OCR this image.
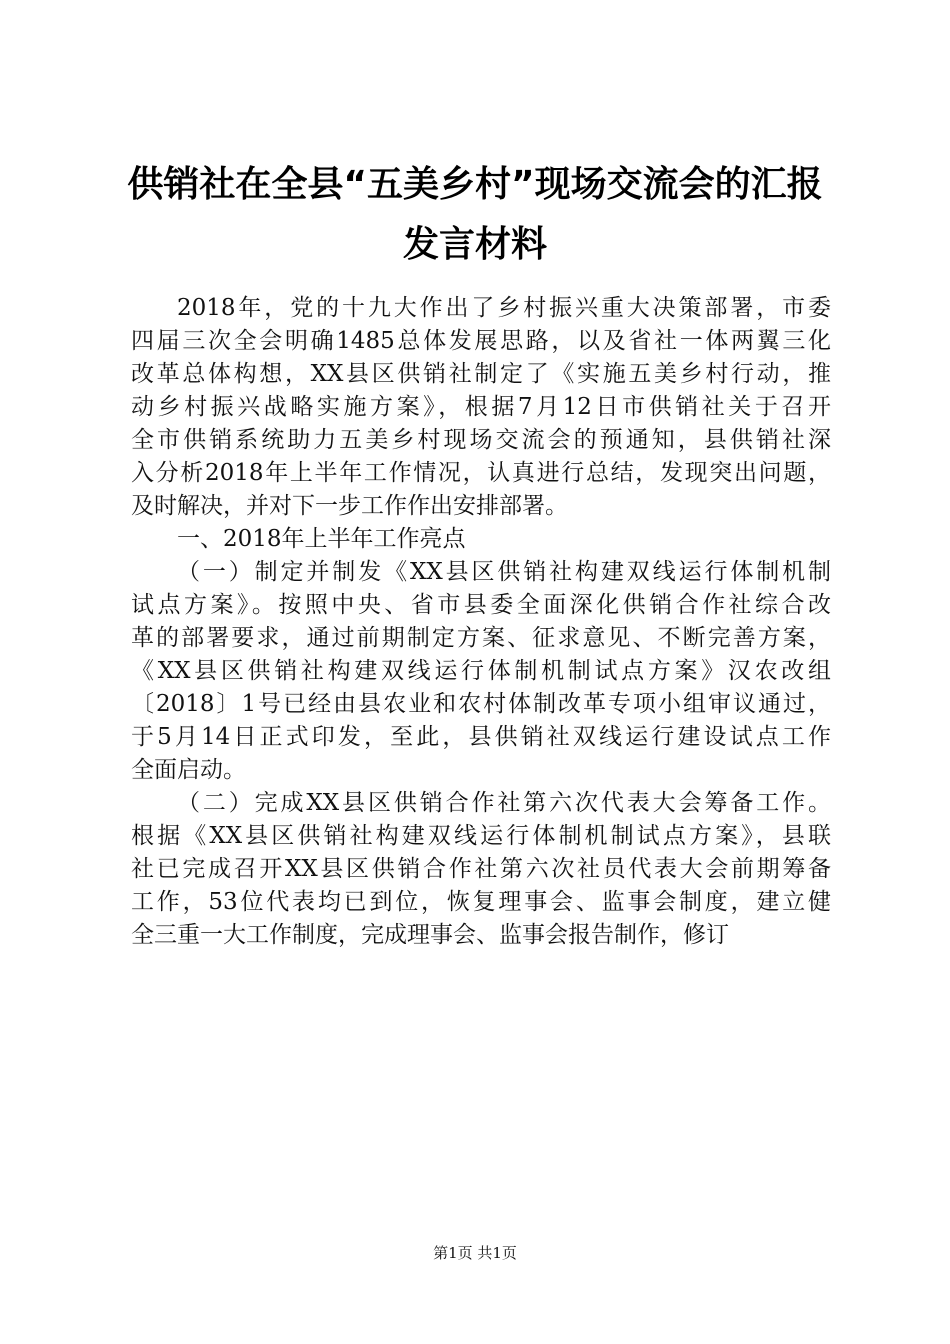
供销社在全县“五美乡村”现场交流会的汇报
发言材料
2018年，党的十九大作出了乡村振兴重大决策部署，市委
四届三次全会明确1485总体发展思路，以及省社一体两翼三化
改革总体构想，XX县区供销社制定了《实施五美乡村行动，推
动乡村振兴战略实施方案》，根据7月12日市供销社关于召开
全市供销系统助力五美乡村现场交流会的预通知，县供销社深
入分析2018年上半年工作情况，认真进行总结，发现突出问题，
及时解决，并对下一步工作作出安排部署。
一、2018年上半年工作亮点
（一）制定并制发《XX县区供销社构建双线运行体制机制
试点方案》。按照中央、省市县委全面深化供销合作社综合改
革的部署要求，通过前期制定方案、征求意见、不断完善方案，
《XX县区供销社构建双线运行体制机制试点方案》汉农改组
〔2018〕1号已经由县农业和农村体制改革专项小组审议通过，
于5月14日正式印发，至此，县供销社双线运行建设试点工作
全面启动。
（二）完成XX县区供销合作社第六次代表大会筹备工作。
根据《XX县区供销社构建双线运行体制机制试点方案》，县联
社已完成召开XX县区供销合作社第六次社员代表大会前期筹备
工作，53位代表均已到位，恢复理事会、监事会制度，建立健
全三重一大工作制度，完成理事会、监事会报告制作，修订
第1页 共1页
